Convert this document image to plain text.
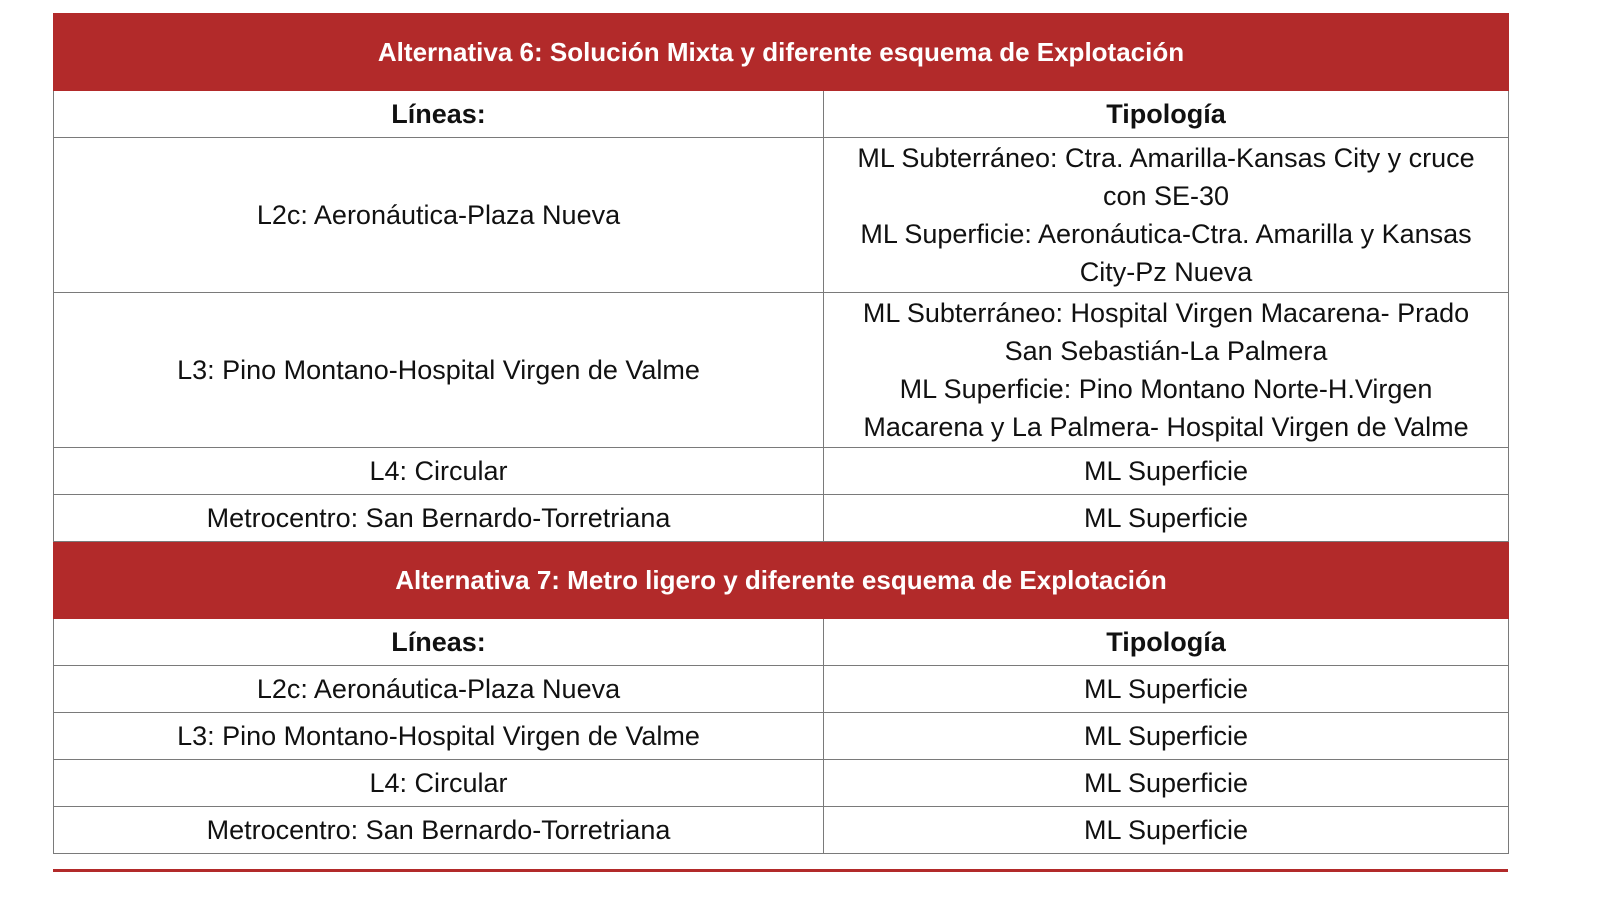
Alternativa 6: Solución Mixta y diferente esquema de Explotación	
Líneas:	Tipología
L2c: Aeronáutica-Plaza Nueva	ML Subterráneo: Ctra. Amarilla-Kansas City y cruce
con SE-30
ML Superficie: Aeronáutica-Ctra. Amarilla y Kansas
City-Pz Nueva

L3: Pino Montano-Hospital Virgen de Valme	ML Subterráneo: Hospital Virgen Macarena- Prado
San Sebastián-La Palmera
ML Superficie: Pino Montano Norte-H.Virgen
Macarena y La Palmera- Hospital Virgen de Valme

L4: Circular	ML Superficie
Metrocentro: San Bernardo-Torretriana	ML Superficie
Alternativa 7: Metro ligero y diferente esquema de Explotación	
Líneas:	Tipología
L2c: Aeronáutica-Plaza Nueva	ML Superficie
L3: Pino Montano-Hospital Virgen de Valme	ML Superficie
L4: Circular	ML Superficie
Metrocentro: San Bernardo-Torretriana	ML Superficie
